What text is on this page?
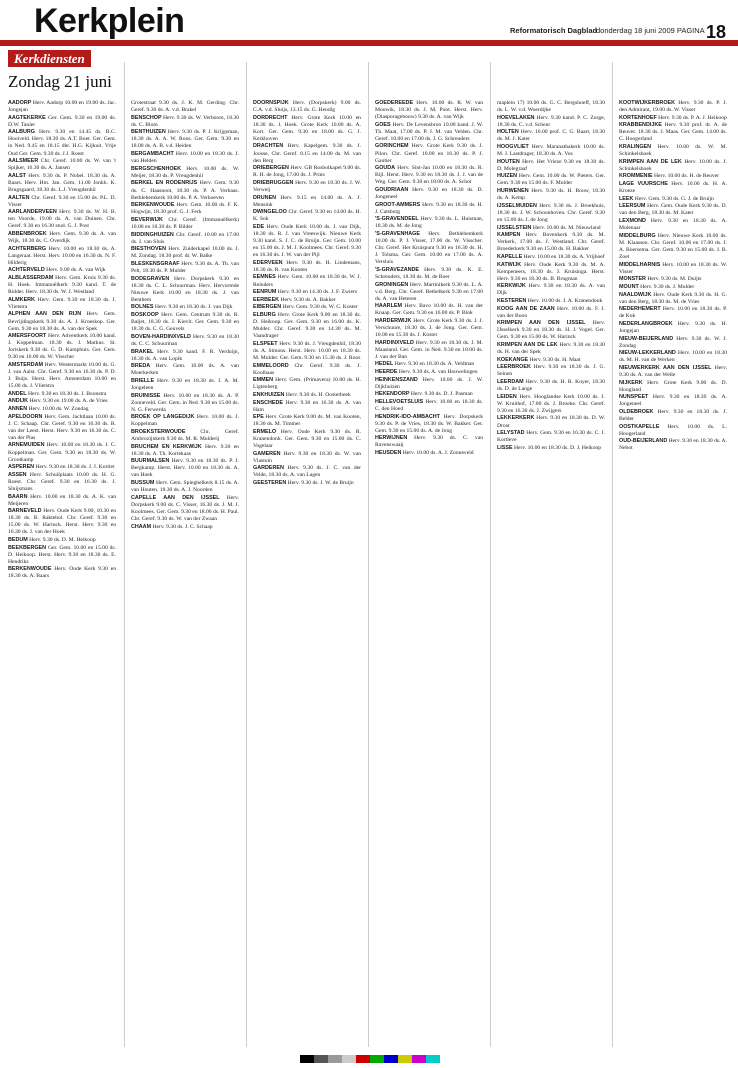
Kerkplein	Reformatorisch Dagblad
donderdag 18 juni 2009 PAGINA 18
Kerkdiensten
Zondag 21 juni

AADORP Herv. Aadorp 10.00 en 19.00 ds. Jac. Jongejan

AAGTEKERKE Ger. Gem. 9.30 en 19.00 ds. D.W. Tanier

AALBURG Herv. 9.30 en 14.45 ds. B.C. Hooiveld. Herv. 18.30 ds. A.T. Boer. Ger. Gem. in Ned. 9.45 en 18.15 dhr. H.G. Kijkuit. Vrije Oud Ger. Gem. 9.30 ds. J.J. Roest

AALSMEER Chr. Geref. 10.00 ds. W. van 't Spijker, 16.30 ds. A. Jansen

AALST Herv. 9.30 ds. P. Nobel. 18.30 ds. A. Baars. Herv. Hm. Jan. Gem. 11.00 Jonkh. K. Brugsgaard. 18.30 ds. L.J. Vreugdenhil

AALTEN Chr. Geref. 9.30 en 15.00 ds. P.L. D. Visser

AARLANDERVEEN Herv. 9.30 ds. W. H. B. ten Voorde, 19.00 ds. A. van Duinen. Chr. Geref. 9.30 en 16.30 stud. G. J. Post

ABBENBROEK Herv. Gem. 9.30 ds. A. van Wijk, 18.30 ds. C. Overdijk

ACHTERBERG Herv. 10.00 en 18.30 ds. A. Langeraat. Herst. Herv. 10.00 en 16.30 ds. N. F. Hilderig

ACHTERVELD Herv. 9.00 ds. A. van Wijk

ALBLASSERDAM Herv. Gem. Kruis 9.30 ds. H. Hoek. Immanuëlkerk 9.30 kand. T. de Ridder. Herv. 18.30 ds. W. J. Westland

ALMKERK Herv. Gem. 9.30 en 18.30 ds. J. Vlietstra

ALPHEN AAN DEN RIJN Herv. Gem. Bevrijdingskerk 9.30 ds. A. J. Kroeskop. Ger. Gem. 9.30 en 18.30 ds. A. van der Spek

AMERSFOORT Herv. Adventkerk 10.00 kand. J. Koppelman. 18.30 ds. J. Markus. St. Joriskerk 9.30 ds. G. D. Kamphuis. Ger. Gem. 9.30 en 16.00 ds. W. Visscher

AMSTERDAM Herv. Westermarkt 10.00 ds. G. J. van Aalst. Chr. Geref. 9.30 en 16.30 ds. P. D. J. Buijs. Herst. Herv. Amsterdam 10.00 en 15.00 ds. J. Vlietstra

ANDEL Herv. 9.30 en 18.30 ds. J. Boonstra

ANDIJK Herv. 9.30 en 19.00 ds. A. de Vries

ANNEN Herv. 10.00 ds. W. Zondag

APELDOORN Herv. Gem. Jachtlaan 10.00 ds. J. C. Schaap. Chr. Geref. 9.30 en 16.30 ds. R. van der Leest. Herst. Herv. 9.30 en 16.30 ds. C. van der Plas

ARNEMUIDEN Herv. 10.00 en 18.30 ds. J. C. Koppelman. Ger. Gem. 9.30 en 18.30 ds. W. Grootkamp

ASPEREN Herv. 9.30 en 18.30 ds. J. J. Kortier

ASSEN Herv. Schuilplaats 10.00 ds. H. G. Roest. Chr. Geref. 9.30 en 16.30 ds. J. Sluijsmans

BAARN Herv. 10.00 en 18.30 ds. A. K. van Meijeren

BARNEVELD Herv. Oude Kerk 9.00, 10.30 en 18.30 ds. B. Raktebol. Chr. Geref. 9.30 en 15.00 ds. W. Harinck. Herst. Herv. 9.30 en 16.30 ds. J. van der Hoek

BEDUM Herv. 9.30 ds. D. M. Heikoop

BEEKBERGEN Ger. Gem. 10.00 en 15.00 ds. D. Heikoop. Herst. Herv. 9.30 en 18.30 ds. E. Hendriks

BERKENWOUDE Herv. Oude Kerk 9.30 en 18.30 ds. A. Baars

Grotestraat 9.30 ds. J. K. M. Gerding. Chr. Geref. 9.30 ds. A. v.d. Brakel

BENSCHOP Herv. 9.30 ds. W. Verboom, 18.30 ds. C. Blom

BENTHUIZEN Herv. 9.30 ds. P. J. Krijgsman, 18.30 ds. A. A. W. Roos. Ger. Gem. 9.30 en 18.00 ds. A. B. v.d. Heiden

BERGAMBACHT Herv. 10.00 en 18.30 ds. J. van Helden

BERGSCHENHOEK Herv. 10.00 ds. W. Meijer, 18.30 ds. P. Vreugdenhil

BERKEL EN RODENRIJS Herv. Gem. 9.30 ds. C. Haasnoot, 18.30 ds. P. A. Verbaas. Bethlehemkerk 10.00 ds. P. A. Verhoeven

BERKENWOUDE Herv. Gem. 10.00 ds. F. K. Hogwijn, 18.30 prof. G. J. Ferk

BEVERWIJK Chr. Geref. (Immanuëlkerk) 10.00 en 18.30 ds. P. Bilder

BIDDINGHUIZEN Chr. Geref. 10.00 en 17.00 ds. J. van Sluis

BIESTHOVEN Herv. Zuiderkapel 10.00 ds. J. M. Zondag. 18.30 prof. dr. W. Balke

BLESKENSGRAAF Herv. 9.30 ds. A. Th. van Pelt, 18.30 ds. P. Mulder

BODEGRAVEN Herv. Dorpskerk 9.30 en 18.30 ds. C. L. Schuurman. Herv. Hervormde Nieuwe Kerk 10.00 en 18.30 ds. J. van Benthem

BOLNES Herv. 9.30 en 18.30 ds. J. van Dijk

BOSKOOP Herv. Gem. Centrum 9.30 ds. R. Baljet, 18.30 ds. J. Kievit. Ger. Gem. 9.30 en 18.30 ds. C. G. Geuvels

BOVEN-HARDINXVELD Herv. 9.30 en 18.30 ds. C. C. Schuurman

BRAKEL Herv. 9.30 kand. F. R. Verduijn, 18.30 ds. A. van Lopik

BREDA Herv. Gem. 10.00 ds. A. van Moerkerken

BRIELLE Herv. 9.30 en 18.30 ds. J. A. M. Jongeleen

BRUINISSE Herv. 10.00 en 18.30 ds. A. P. Zonneveld. Ger. Gem. in Ned. 9.30 en 15.00 ds. N. G. Ferwerda

BROEK OP LANGEDIJK Herv. 10.00 ds. J. Koppelman

BROEKSTERWOUDE	Chr. Geref. Ambrozijnkerk 9.30 ds. M. R. Mulderij

BRUCHEM EN KERKWIJK Herv. 9.30 en 18.30 ds. A. Th. Kortekaas

BUURMALSEN Herv. 9.30 en 18.30 ds. P. J. Bergkamp. Herst. Herv. 10.00 en 18.30 ds. A. van Hoek

BUSSUM Herv. Gem. Spieghelkerk 8.15 ds. A. van Houten. 18.30 ds. A. J. Noorden

CAPELLE AAN DEN IJSSEL Herv. Dorpskerk 9.00 ds. C. Visser, 16.30 ds. J. M. J. Koolmees. Ger. Gem. 9.30 en 18.00 ds. H. Paul. Chr. Geref. 9.30 ds. W. van der Zwaan

CHAAM Herv. 9.30 ds. J. C. Schaap

DOORNSPIJK Herv. (Dorpskerk) 9.00 ds. C.A. v.d. Sluijs, 13.15 ds. G. Hendig

DORDRECHT Herv. Grote Kerk 10.00 en 18.30 ds. J. Hoek. Grote Kerk 10.00 ds. A. Kort. Ger. Gem. 9.30 en 18.00 ds. G. J. Kerkhoven

DRACHTEN Herv. Kapelgem. 9.30 ds. J. Joosse. Chr. Geref. 8.15 en 14.00 ds. M. van den Berg

DRIEBERGEN Herv. GB Rosbolkapel 9.00 ds. R. H. de Jong, 17.00 ds. J. Prins

DRIEBRUGGEN Herv. 9.30 en 18.30 ds. J. W. Verweij

DRUNEN Herv. 9.15 en 14.00 ds. A. J. Mensink

DWINGELOO Chr. Geref. 9.30 en 14.00 ds. H. K. Sok

EDE Herv. Oude Kerk 10.00 ds. J. van Dijk, 18.30 ds. R. J. van Vreeswijk. Nieuwe Kerk 9.30 kand. S. J. C. de Bruijn. Ger. Gem. 10.00 en 15.00 ds. J. M. J. Koolmees. Chr. Geref. 9.30 en 16.30 ds. J. W. van der Pijl

EDERVEEN Herv. 9.30 ds. H. Lindemans, 18.30 ds. R. van Kooten

EEMNES Herv. Gem. 10.00 en 18.30 ds. W. J. Reinders

EENRUM Herv. 9.30 en 14.30 ds. J. F. Zwiers

EERBEEK Herv. 9.30 ds. A. Bakker

EIBERGEN Herv. Gem. 9.30 ds. W. C. Koster

ELBURG Herv. Grote Kerk 9.00 en 18.30 ds. D. Heikoop. Ger. Gem. 9.30 en 16.00 ds. K. Mulder. Chr. Geref. 9.30 en 14.30 ds. M. Vaandrager

ELSPEET Herv. 9.30 ds. J. Vreugdenhil, 18.30 ds. A. Simons. Herst. Herv. 10.00 en 18.30 ds. M. Mulder. Ger. Gem. 9.30 en 15.30 ds. J. Roos

EMMELOORD Chr. Geref. 9.30 ds. J. Koolhaas

EMMEN Herv. Gem. (Primavera) 10.00 ds. H. Ligtenberg

ENKHUIZEN Herv. 9.30 ds. H. Oosterbeek

ENSCHEDE Herv. 9.30 en 16.30 ds. A. van Ham

EPE Herv. Grote Kerk 9.00 ds. M. van Kooten, 18.30 ds. M. Timmer

ERMELO Herv. Oude Kerk 9.30 ds. R. Kranendonk. Ger. Gem. 9.30 en 15.00 ds. C. Vogelaar

GAMEREN Herv. 9.30 en 18.30 ds. W. van Vlastuin

GARDEREN Herv. 9.30 ds. J. C. van der Velde, 18.30 ds. A. van Lagen

GEESTEREN Herv. 9.30 ds. J. W. de Bruijn

GOEDEREEDE Herv. 10.00 ds. R. W. van Mouwik, 18.30 ds. J. M. Poot. Herst. Herv. (Diasporagebouw) 9.30 ds. A. van Wijk

GOES Herv. De Levensbron 10.00 kand. J. W. Th. Maat, 17.00 ds. P. J. M. van Velden. Chr. Geref. 10.00 en 17.00 ds. J. G. Schreuders

GORINCHEM Herv. Grote Kerk 9.30 ds. J. Pilon. Chr. Geref. 10.00 en 16.30 ds. P. J. Gautier

GOUDA Herv. Sint-Jan 10.00 en 18.30 ds. R. Bijl. Herst. Herv. 9.30 en 18.30 ds. J. J. van de Weg. Ger. Gem. 9.30 en 18.00 ds. A. Schot

GOUDRIAAN Herv. 9.30 en 18.30 ds. D. Jongeneel

GROOT-AMMERS Herv. 9.30 en 18.30 ds. H. J. Catsburg

'S-GRAVENDEEL Herv. 9.30 ds. L. Huisman, 18.30 ds. M. de Jong

'S-GRAVENHAGE Herv. Bethlehemkerk 10.00 ds. P. J. Visser, 17.00 ds. W. Visscher. Chr. Geref. Het Kruispunt 9.30 en 16.30 ds. H. J. Tolsma. Ger. Gem. 10.00 en 17.00 ds. A. Versluis

'S-GRAVEZANDE Herv. 9.30 ds. K. E. Schreuders, 18.30 ds. M. de Boer

GRONINGEN Herv. Martinikerk 9.30 ds. L. A. v.d. Berg. Chr. Geref. Bethelkerk 9.30 en 17.00 ds. A. van Heteren

HAARLEM Herv. Bavo 10.00 ds. H. van der Knaap. Ger. Gem. 9.30 en 16.00 ds. P. Blok

HARDERWIJK Herv. Grote Kerk 9.30 ds. J. J. Verschuure, 18.30 ds. J. de Jong. Ger. Gem. 10.00 en 15.30 ds. J. Koster

HARDINXVELD Herv. 9.30 en 18.30 ds. J. M. Maasland. Ger. Gem. in Ned. 9.30 en 18.00 ds. J. van der Ban

HEDEL Herv. 9.30 en 18.30 ds. A. Veldman

HEERDE Herv. 9.30 ds. A. van Houwelingen

HEINKENSZAND Herv. 10.00 ds. J. W. Dijkhuizen

HEKENDORP Herv. 9.30 ds. D. J. Pasman

HELLEVOETSLUIS Herv. 10.00 en 18.30 ds. C. den Hoed

HENDRIK-IDO-AMBACHT Herv. Dorpskerk 9.30 ds. P. de Vries, 18.30 ds. W. Bakker. Ger. Gem. 9.30 en 15.00 ds. A. de Jong

HERWIJNEN Herv. 9.30 ds. C. van Ravenswaaij

HEUSDEN Herv. 10.00 ds. A. J. Zonneveld

maplein 17) 10.00 ds. G. C. Bergshoeff, 18.30 ds. L. W. v.d. Woerdijke

HOEVELAKEN Herv. 9.30 kand. P. C. Zorge, 18.30 ds. C. v.d. Scheur

HOLTEN Herv. 10.00 prof. C. G. Baart, 18.30 ds. M. J. Kater

HOOGVLIET Herv. Maranathakerk 10.00 ds. M. J. Lastdrager, 18.30 ds. A. Vos

HOUTEN Herv. Het Vrieze 9.30 en 18.30 ds. D. Molegraaf

HUIZEN Herv. Gem. 10.00 ds. W. Pieters. Ger. Gem. 9.30 en 15.00 ds. F. Mulder

HURWENEN Herv. 9.30 ds. H. Bouw, 18.30 ds. A. Kemp

IJSSELMUIDEN Herv. 9.30 ds. J. Broekhuis, 18.30 ds. J. W. Schoonhoven. Chr. Geref. 9.30 en 15.00 ds. J. de Jong

IJSSELSTEIN Herv. 10.00 ds. M. Nieuwland

KAMPEN Herv. Bovenkerk 9.30 ds. M. Verkerk, 17.00 ds. J. Westland. Chr. Geref. Broederkerk 9.30 en 15.00 ds. H. Bakker

KAPELLE Herv. 10.00 en 18.30 ds. A. Vrijhoef

KATWIJK Herv. Oude Kerk 9.30 ds. M. A. Kempeneers, 18.30 ds. J. Kruisinga. Herst. Herv. 9.30 en 18.30 ds. B. Brugman

KERKWIJK Herv. 9.30 en 18.30 ds. A. van Dijk

KESTEREN Herv. 10.00 ds. J. A. Kranendonk

KOOG AAN DE ZAAN Herv. 10.00 ds. F. J. van der Boon

KRIMPEN AAN DEN IJSSEL Herv. IJsselkerk 9.30 en 18.30 ds. H. J. Vogel. Ger. Gem. 9.30 en 15.00 ds. W. Harinck

KRIMPEN AAN DE LEK Herv. 9.30 en 18.30 ds. H. van der Spek

KOEKANGE Herv. 9.30 ds. H. Maat

LEERBROEK Herv. 9.30 en 18.30 ds. J. G. Seinen

LEERDAM Herv. 9.30 ds. H. R. Kuyer, 18.30 ds. D. de Lange

LEIDEN Herv. Hooglandse Kerk 10.00 ds. J. W. Kruithof, 17.00 ds. J. Broeke. Chr. Geref. 9.30 en 16.30 ds. J. Zwijgers

LEKKERKERK Herv. 9.30 en 18.30 ds. D. W. Drost

LELYSTAD Herv. Gem. 9.30 en 16.30 ds. C. J. Kortleve

LISSE Herv. 10.00 en 18.30 ds. D. J. Heikoop

KOOTWIJKERBROEK Herv. 9.30 ds. P. J. den Admirant, 19.00 ds. W. Visser

KORTENHOEF Herv. 9.30 ds. P. A. J. Heikoop

KRABBENDIJKE Herv. 9.30 prof. dr. A. de Reuver. 18.30 ds. J. Maas. Ger. Gem. 14.00 ds. C. Hoogerland

KRALINGEN Herv. 10.00 ds. W. M. Schinkelshoek

KRIMPEN AAN DE LEK Herv. 10.00 ds. J. Schinkelshoek

KROMMENIE Herv. 10.00 ds. H. de Reuver

LAGE VUURSCHE Herv. 10.00 ds. H. A. Kroeze

LEEK Herv. Gem. 9.30 ds. G. J. de Bruijn

LEERSUM Herv. Gem. Oude Kerk 9.30 ds. D. van den Berg, 18.30 ds. M. Kater

LEXMOND Herv. 9.30 en 18.30 ds. A. Molenaar

MIDDELBURG Herv. Nieuwe Kerk 10.00 ds. M. Klaassen. Chr. Geref. 10.00 en 17.00 ds. J. A. Boersema. Ger. Gem. 9.30 en 15.00 ds. J. B. Zoet

MIDDELHARNIS Herv. 10.00 en 18.30 ds. W. Visser

MONSTER Herv. 9.30 ds. M. Duijts

MOUNT Herv. 9.30 ds. J. Mulder

NAALDWIJK Herv. Oude Kerk 9.30 ds. H. G. van den Berg, 18.30 ds. M. de Vries

NEDERHEMERT Herv. 10.00 en 18.30 ds. P. de Kok

NEDERLANGBROEK Herv. 9.30 ds. H. Jongejan

NIEUW-BEIJERLAND Herv. 9.30 ds. W. J. Zondag

NIEUW-LEKKERLAND Herv. 10.00 en 18.30 ds. M. H. van de Werken

NIEUWERKERK AAN DEN IJSSEL Herv. 9.30 ds. A. van der Welle

NIJKERK Herv. Grote Kerk 9.00 ds. D. Hoogland

NUNSPEET Herv. 9.30 en 18.30 ds. A. Jongeneel

OLDEBROEK Herv. 9.30 en 18.30 ds. J. Belder

OOSTKAPELLE Herv. 10.00 ds. L. Hoogerland

OUD-BEIJERLAND Herv. 9.30 en 18.30 ds. A. Nebot
